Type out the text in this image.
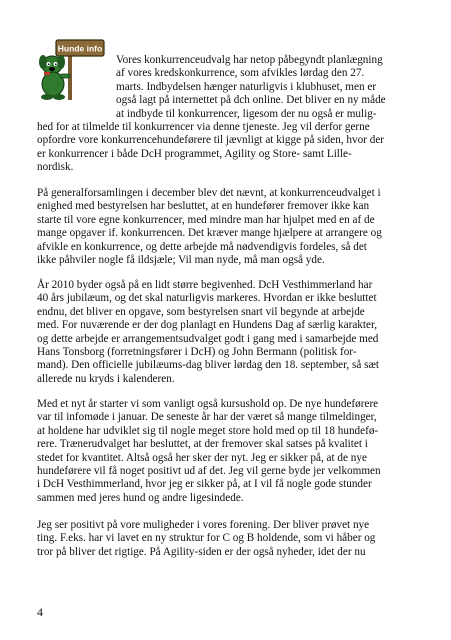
Hunde info
Vores konkurrenceudvalg har netop påbegyndt planlægning
af vores kredskonkurrence, som afvikles lørdag den 27.
marts. Indbydelsen hænger naturligvis i klubhuset, men er
også lagt på internettet på dch online. Det bliver en ny måde
at indbyde til konkurrencer, ligesom der nu også er mulig-
hed for at tilmelde til konkurrencer via denne tjeneste. Jeg vil derfor gerne
opfordre vore konkurrencehundeførere til jævnligt at kigge på siden, hvor der
er konkurrencer i både DcH programmet, Agility og Store- samt Lille-
nordisk.
På generalforsamlingen i december blev det nævnt, at konkurrenceudvalget i
enighed med bestyrelsen har besluttet, at en hundefører fremover ikke kan
starte til vore egne konkurrencer, med mindre man har hjulpet med en af de
mange opgaver if. konkurrencen. Det kræver mange hjælpere at arrangere og
afvikle en konkurrence, og dette arbejde må nødvendigvis fordeles, så det
ikke påhviler nogle få ildsjæle; Vil man nyde, må man også yde.
År 2010 byder også på en lidt større begivenhed. DcH Vesthimmerland har
40 års jubilæum, og det skal naturligvis markeres. Hvordan er ikke besluttet
endnu, det bliver en opgave, som bestyrelsen snart vil begynde at arbejde
med. For nuværende er der dog planlagt en Hundens Dag af særlig karakter,
og dette arbejde er arrangementsudvalget godt i gang med i samarbejde med
Hans Tonsborg (forretningsfører i DcH) og John Bermann (politisk for-
mand). Den officielle jubilæums-dag bliver lørdag den 18. september, så sæt
allerede nu kryds i kalenderen.
Med et nyt år starter vi som vanligt også kursushold op. De nye hundeførere
var til infomøde i januar. De seneste år har der været så mange tilmeldinger,
at holdene har udviklet sig til nogle meget store hold med op til 18 hundefø-
rere. Trænerudvalget har besluttet, at der fremover skal satses på kvalitet i
stedet for kvantitet. Altså også her sker der nyt. Jeg er sikker på, at de nye
hundeførere vil få noget positivt ud af det. Jeg vil gerne byde jer velkommen
i DcH Vesthimmerland, hvor jeg er sikker på, at I vil få nogle gode stunder
sammen med jeres hund og andre ligesindede.
Jeg ser positivt på vore muligheder i vores forening. Der bliver prøvet nye
ting. F.eks. har vi lavet en ny struktur for C og B holdende, som vi håber og
tror på bliver det rigtige. På Agility-siden er der også nyheder, idet der nu
4
